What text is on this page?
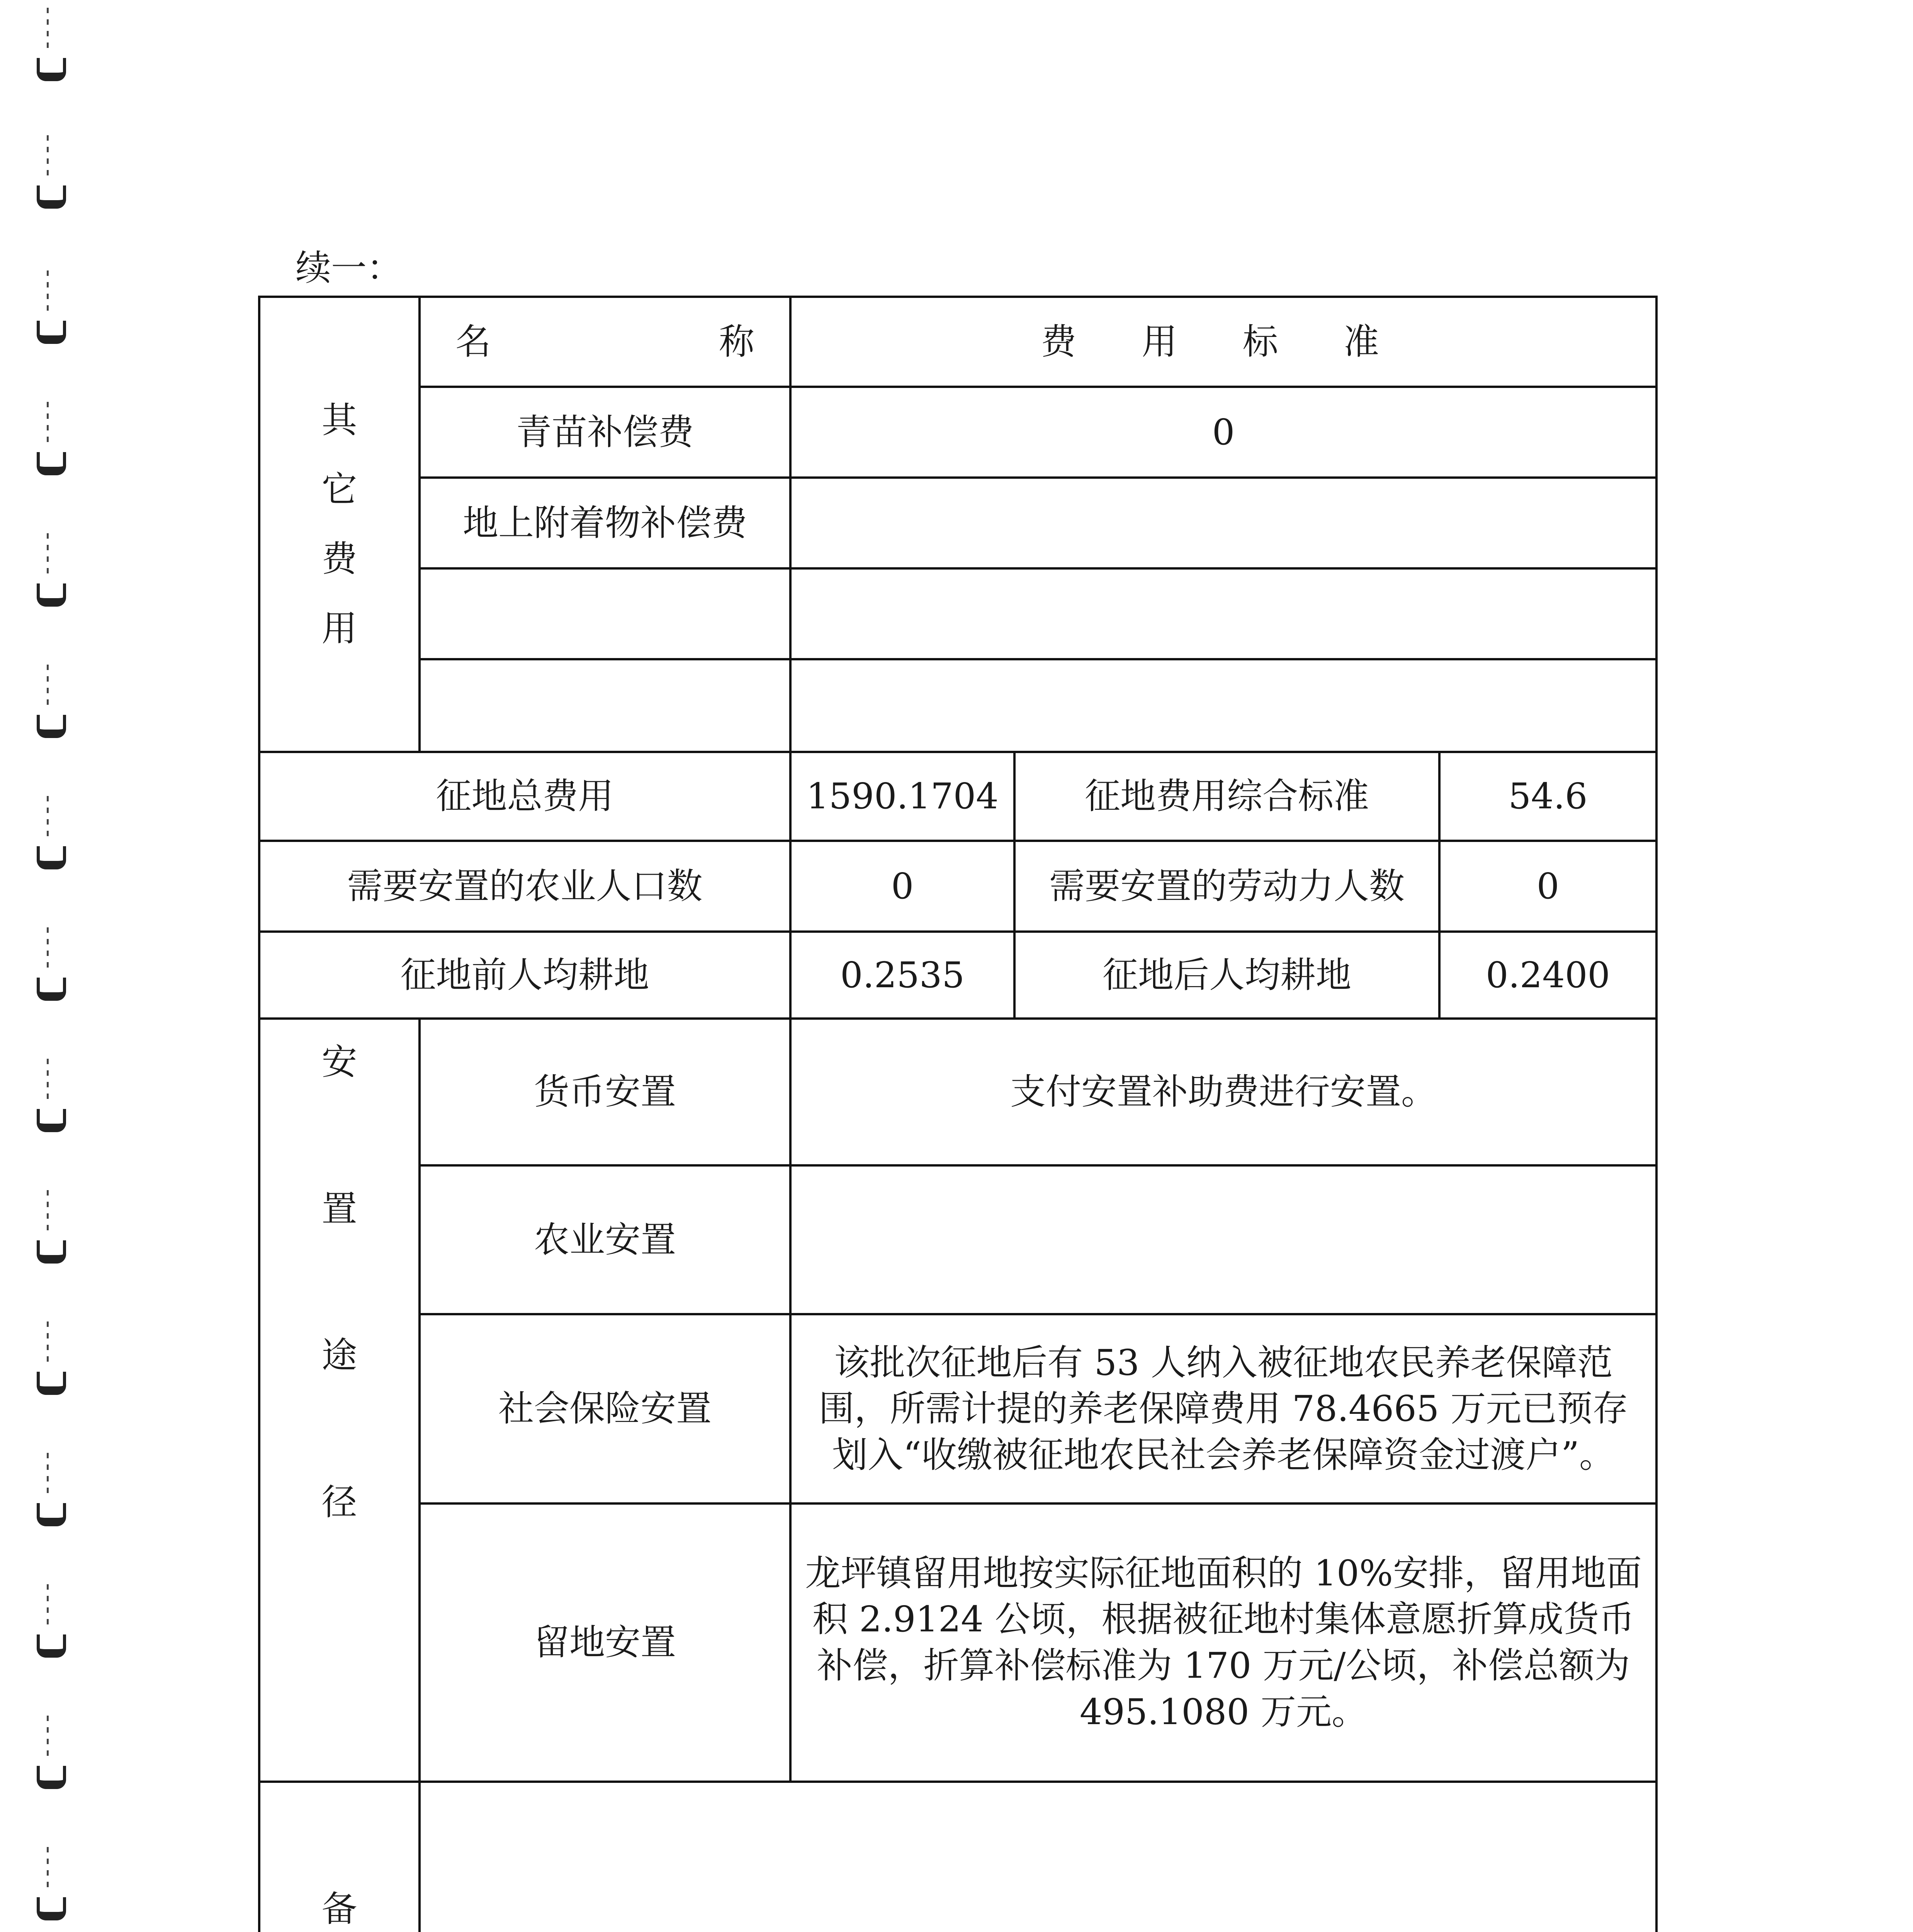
续一：
其
它
费
用	名 称	费 用 标 准		
	青苗补偿费	0		
	地上附着物补偿费			

征地总费用		1590.1704	征地费用综合标准	54.6
需要安置的农业人口数		0	需要安置的劳动力人数	0
征地前人均耕地		0.2535	征地后人均耕地	0.2400

安
置
途
径	货币安置	支付安置补助费进行安置。		
	农业安置			
	社会保险安置	该批次征地后有 53 人纳入被征地农民养老保障范围，所需计提的养老保障费用 78.4665 万元已预存划入“收缴被征地农民社会养老保障资金过渡户”。		
	留地安置	龙坪镇留用地按实际征地面积的 10%安排，留用地面积 2.9124 公顷，根据被征地村集体意愿折算成货币补偿，折算补偿标准为 170 万元/公顷，补偿总额为 495.1080 万元。		

备				
